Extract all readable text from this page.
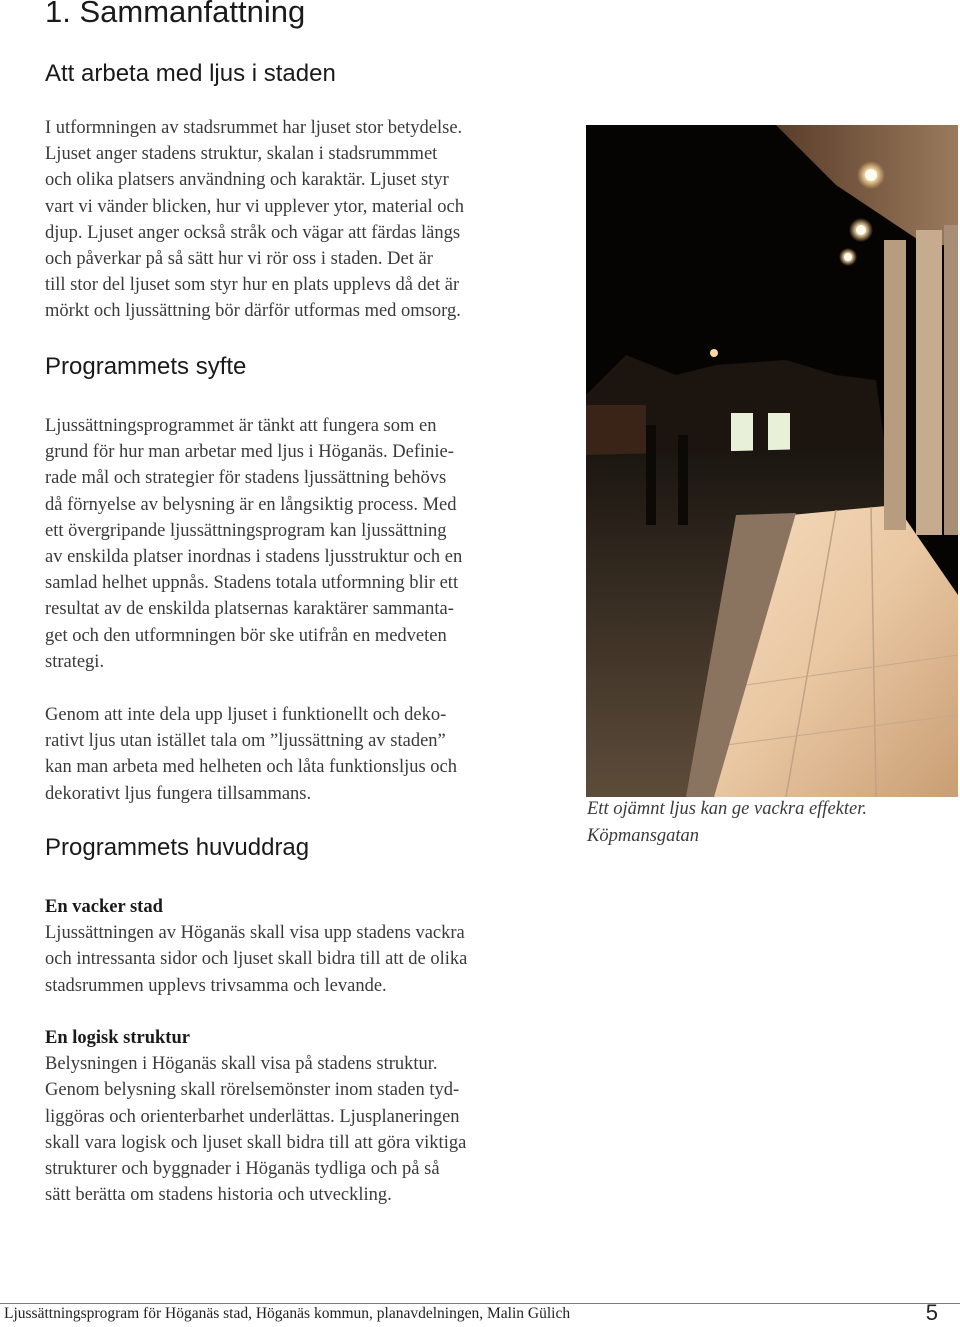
1. Sammanfattning
Att arbeta med ljus i staden
I utformningen av stadsrummet har ljuset stor betydelse.
Ljuset anger stadens struktur, skalan i stadsrummmet
och olika platsers användning och karaktär. Ljuset styr
vart vi vänder blicken, hur vi upplever ytor, material och
djup. Ljuset anger också stråk och vägar att färdas längs
och påverkar på så sätt hur vi rör oss i staden. Det är
till stor del ljuset som styr hur en plats upplevs då det är
mörkt och ljussättning bör därför utformas med omsorg.
Programmets syfte
Ljussättningsprogrammet är tänkt att fungera som en
grund för hur man arbetar med ljus i Höganäs. Definie-
rade mål och strategier för stadens ljussättning behövs
då förnyelse av belysning är en långsiktig process. Med
ett övergripande ljussättningsprogram kan ljussättning
av enskilda platser inordnas i stadens ljusstruktur och en
samlad helhet uppnås. Stadens totala utformning blir ett
resultat av de enskilda platsernas karaktärer sammanta-
get och den utformningen bör ske utifrån en medveten
strategi.
Genom att inte dela upp ljuset i funktionellt och deko-
rativt ljus utan istället tala om ”ljussättning av staden”
kan man arbeta med helheten och låta funktionsljus och
dekorativt ljus fungera tillsammans.
Programmets huvuddrag
En vacker stad
Ljussättningen av Höganäs skall visa upp stadens vackra
och intressanta sidor och ljuset skall bidra till att de olika
stadsrummen upplevs trivsamma och levande.
En logisk struktur
Belysningen i Höganäs skall visa på stadens struktur.
Genom belysning skall rörelsemönster inom staden tyd-
liggöras och orienterbarhet underlättas. Ljusplaneringen
skall vara logisk och ljuset skall bidra till att göra viktiga
strukturer och byggnader i Höganäs tydliga och på så
sätt berätta om stadens historia och utveckling.
Ett ojämnt ljus kan ge vackra effekter.
Köpmansgatan
Ljussättningsprogram för Höganäs stad, Höganäs kommun, planavdelningen, Malin Gülich	5
